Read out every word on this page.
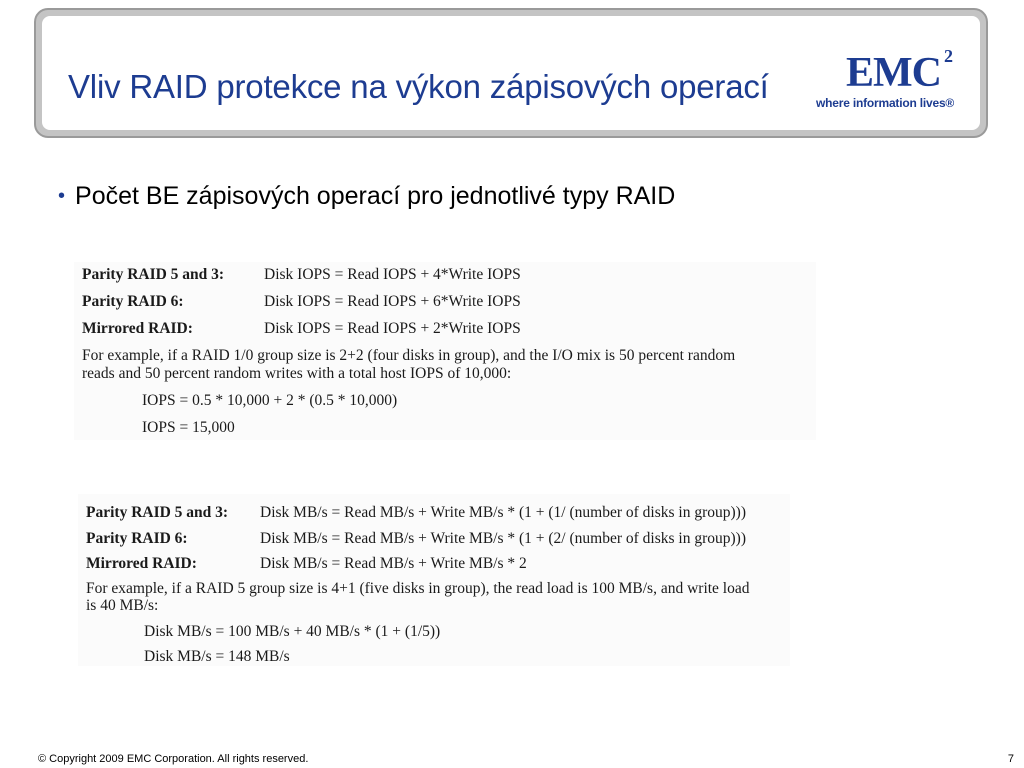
Vliv RAID protekce na výkon zápisových operací EMC 2
where information lives®
• Počet BE zápisových operací pro jednotlivé typy RAID
Parity RAID 5 and 3:	Disk IOPS = Read IOPS + 4*Write IOPS
Parity RAID 6:	Disk IOPS = Read IOPS + 6*Write IOPS
Mirrored RAID:	Disk IOPS = Read IOPS + 2*Write IOPS
For example, if a RAID 1/0 group size is 2+2 (four disks in group), and the I/O mix is 50 percent random
reads and 50 percent random writes with a total host IOPS of 10,000:
IOPS = 0.5 * 10,000 + 2 * (0.5 * 10,000)
IOPS = 15,000
Parity RAID 5 and 3: Disk MB/s = Read MB/s + Write MB/s * (1 + (1/ (number of disks in group)))
Parity RAID 6:	Disk MB/s = Read MB/s + Write MB/s * (1 + (2/ (number of disks in group)))
Mirrored RAID:	Disk MB/s = Read MB/s + Write MB/s * 2
For example, if a RAID 5 group size is 4+1 (five disks in group), the read load is 100 MB/s, and write load
is 40 MB/s:
Disk MB/s = 100 MB/s + 40 MB/s * (1 + (1/5))
Disk MB/s = 148 MB/s
© Copyright 2009 EMC Corporation. All rights reserved.	7
